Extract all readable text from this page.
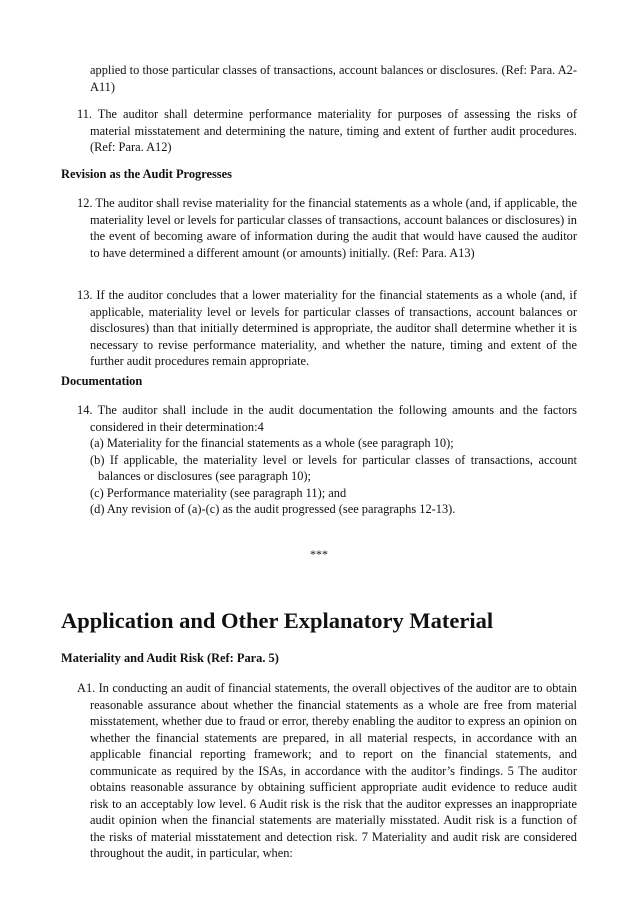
applied to those particular classes of transactions, account balances or disclosures. (Ref: Para. A2-A11)
11. The auditor shall determine performance materiality for purposes of assessing the risks of material misstatement and determining the nature, timing and extent of further audit procedures. (Ref: Para. A12)
Revision as the Audit Progresses
12. The auditor shall revise materiality for the financial statements as a whole (and, if applicable, the materiality level or levels for particular classes of transactions, account balances or disclosures) in the event of becoming aware of information during the audit that would have caused the auditor to have determined a different amount (or amounts) initially. (Ref: Para. A13)
13. If the auditor concludes that a lower materiality for the financial statements as a whole (and, if applicable, materiality level or levels for particular classes of transactions, account balances or disclosures) than that initially determined is appropriate, the auditor shall determine whether it is necessary to revise performance materiality, and whether the nature, timing and extent of the further audit procedures remain appropriate.
Documentation
14. The auditor shall include in the audit documentation the following amounts and the factors considered in their determination:4
(a) Materiality for the financial statements as a whole (see paragraph 10);
(b) If applicable, the materiality level or levels for particular classes of transactions, account balances or disclosures (see paragraph 10);
(c) Performance materiality (see paragraph 11); and
(d) Any revision of (a)-(c) as the audit progressed (see paragraphs 12-13).
***
Application and Other Explanatory Material
Materiality and Audit Risk (Ref: Para. 5)
A1. In conducting an audit of financial statements, the overall objectives of the auditor are to obtain reasonable assurance about whether the financial statements as a whole are free from material misstatement, whether due to fraud or error, thereby enabling the auditor to express an opinion on whether the financial statements are prepared, in all material respects, in accordance with an applicable financial reporting framework; and to report on the financial statements, and communicate as required by the ISAs, in accordance with the auditor’s findings. 5 The auditor obtains reasonable assurance by obtaining sufficient appropriate audit evidence to reduce audit risk to an acceptably low level. 6 Audit risk is the risk that the auditor expresses an inappropriate audit opinion when the financial statements are materially misstated. Audit risk is a function of the risks of material misstatement and detection risk. 7 Materiality and audit risk are considered throughout the audit, in particular, when:
